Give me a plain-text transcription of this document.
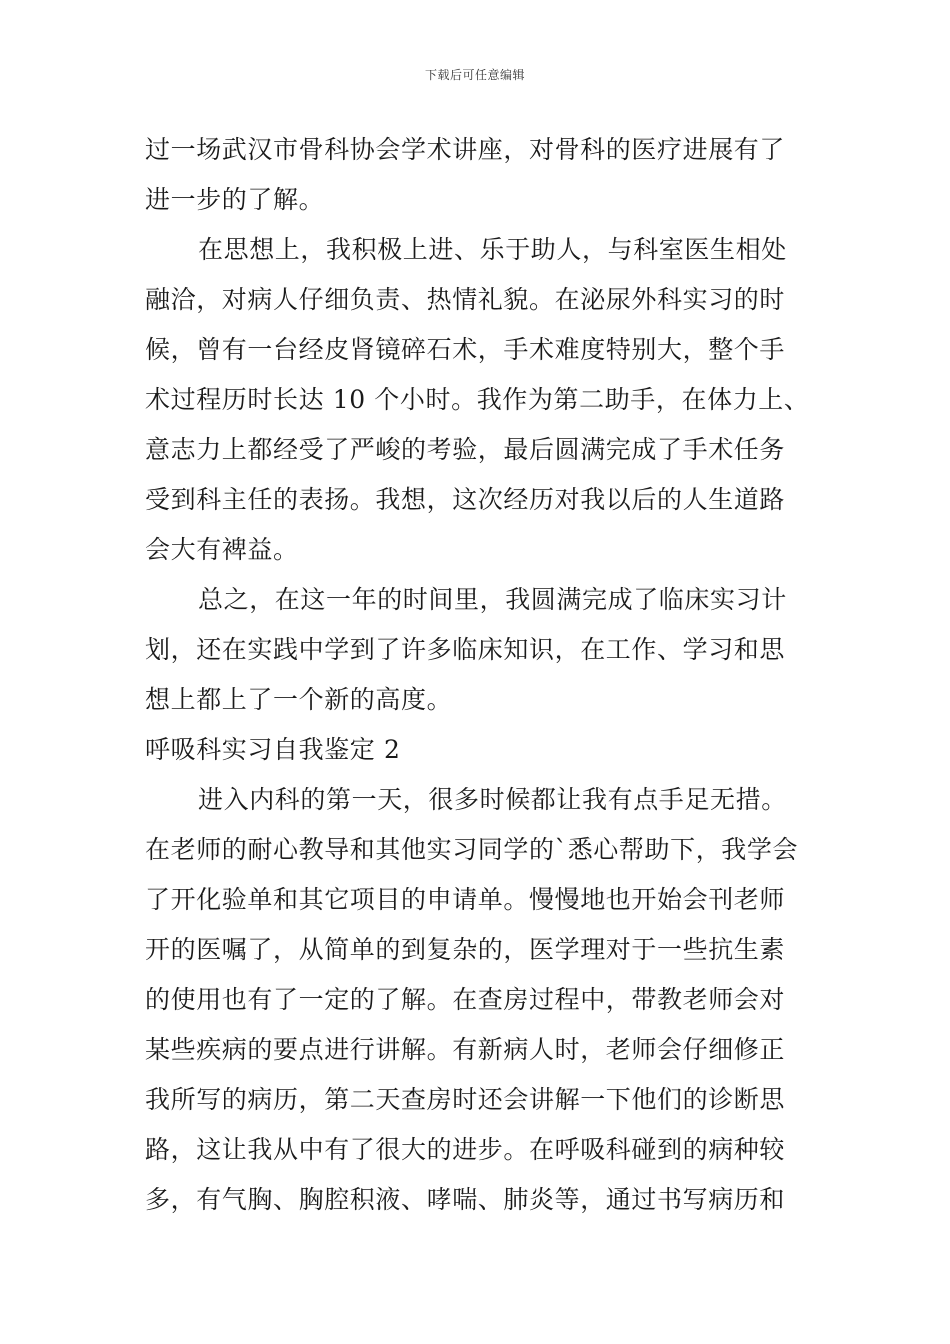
下载后可任意编辑
过一场武汉市骨科协会学术讲座，对骨科的医疗进展有了
进一步的了解。
在思想上，我积极上进、乐于助人，与科室医生相处
融洽，对病人仔细负责、热情礼貌。在泌尿外科实习的时
候，曾有一台经皮肾镜碎石术，手术难度特别大，整个手
术过程历时长达 10 个小时。我作为第二助手，在体力上、
意志力上都经受了严峻的考验，最后圆满完成了手术任务
受到科主任的表扬。我想，这次经历对我以后的人生道路
会大有裨益。
总之，在这一年的时间里，我圆满完成了临床实习计
划，还在实践中学到了许多临床知识，在工作、学习和思
想上都上了一个新的高度。
呼吸科实习自我鉴定 2
进入内科的第一天，很多时候都让我有点手足无措。
在老师的耐心教导和其他实习同学的`悉心帮助下，我学会
了开化验单和其它项目的申请单。慢慢地也开始会刊老师
开的医嘱了，从简单的到复杂的，医学理对于一些抗生素
的使用也有了一定的了解。在查房过程中，带教老师会对
某些疾病的要点进行讲解。有新病人时，老师会仔细修正
我所写的病历，第二天查房时还会讲解一下他们的诊断思
路，这让我从中有了很大的进步。在呼吸科碰到的病种较
多，有气胸、胸腔积液、哮喘、肺炎等，通过书写病历和
